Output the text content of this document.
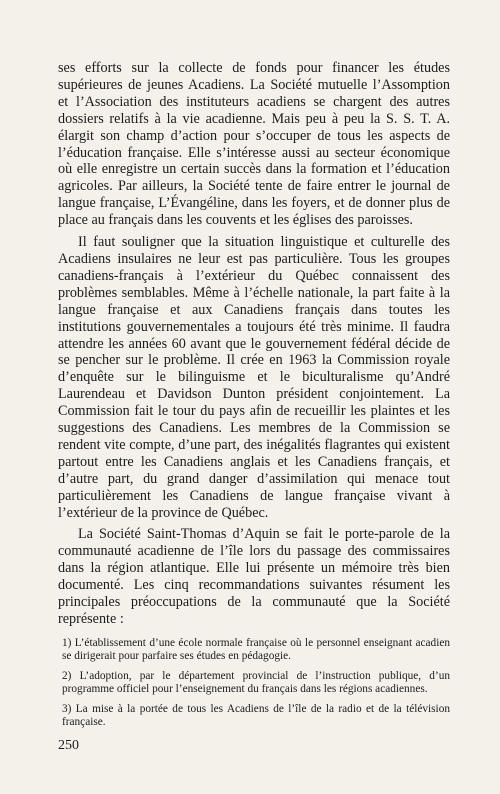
ses efforts sur la collecte de fonds pour financer les études supérieures de jeunes Acadiens. La Société mutuelle l’Assomption et l’Association des instituteurs acadiens se chargent des autres dossiers relatifs à la vie acadienne. Mais peu à peu la S. S. T. A. élargit son champ d’action pour s’occuper de tous les aspects de l’éducation française. Elle s’intéresse aussi au secteur économique où elle enregistre un certain succès dans la formation et l’éducation agricoles. Par ailleurs, la Société tente de faire entrer le journal de langue française, L’Évangéline, dans les foyers, et de donner plus de place au français dans les couvents et les églises des paroisses.

Il faut souligner que la situation linguistique et culturelle des Acadiens insulaires ne leur est pas particulière. Tous les groupes canadiens-français à l’extérieur du Québec connaissent des problèmes semblables. Même à l’échelle nationale, la part faite à la langue française et aux Canadiens français dans toutes les institutions gouvernementales a toujours été très minime. Il faudra attendre les années 60 avant que le gouvernement fédéral décide de se pencher sur le problème. Il crée en 1963 la Commission royale d’enquête sur le bilinguisme et le biculturalisme qu’André Laurendeau et Davidson Dunton président conjointement. La Commission fait le tour du pays afin de recueillir les plaintes et les suggestions des Canadiens. Les membres de la Commission se rendent vite compte, d’une part, des inégalités flagrantes qui existent partout entre les Canadiens anglais et les Canadiens français, et d’autre part, du grand danger d’assimilation qui menace tout particulièrement les Canadiens de langue française vivant à l’extérieur de la province de Québec.

La Société Saint-Thomas d’Aquin se fait le porte-parole de la communauté acadienne de l’île lors du passage des commissaires dans la région atlantique. Elle lui présente un mémoire très bien documenté. Les cinq recommandations suivantes résument les principales préoccupations de la communauté que la Société représente :

1) L’établissement d’une école normale française où le personnel enseignant acadien se dirigerait pour parfaire ses études en pédagogie.
2) L’adoption, par le département provincial de l’instruction publique, d’un programme officiel pour l’enseignement du français dans les régions acadiennes.
3) La mise à la portée de tous les Acadiens de l’île de la radio et de la télévision française.
250
